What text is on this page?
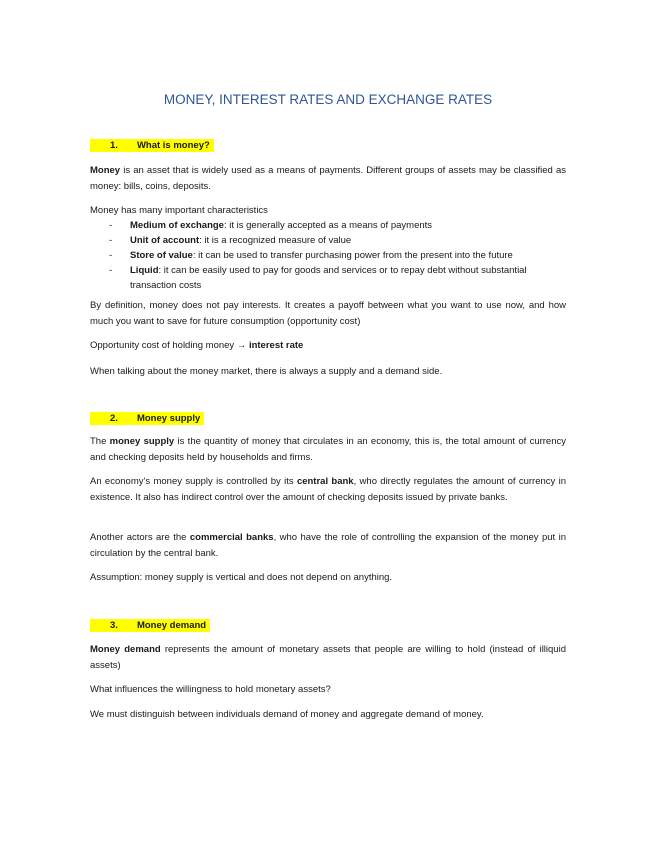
MONEY, INTEREST RATES AND EXCHANGE RATES
1. What is money?

Money is an asset that is widely used as a means of payments. Different groups of assets may be classified as money: bills, coins, deposits.

Money has many important characteristics

- Medium of exchange: it is generally accepted as a means of payments
- Unit of account: it is a recognized measure of value
- Store of value: it can be used to transfer purchasing power from the present into the future
- Liquid: it can be easily used to pay for goods and services or to repay debt without substantial transaction costs

By definition, money does not pay interests. It creates a payoff between what you want to use now, and how much you want to save for future consumption (opportunity cost)

Opportunity cost of holding money → interest rate

When talking about the money market, there is always a supply and a demand side.

2. Money supply

The money supply is the quantity of money that circulates in an economy, this is, the total amount of currency and checking deposits held by households and firms.

An economy’s money supply is controlled by its central bank, who directly regulates the amount of currency in existence. It also has indirect control over the amount of checking deposits issued by private banks.

Another actors are the commercial banks, who have the role of controlling the expansion of the money put in circulation by the central bank.

Assumption: money supply is vertical and does not depend on anything.

3. Money demand

Money demand represents the amount of monetary assets that people are willing to hold (instead of illiquid assets)

What influences the willingness to hold monetary assets?

We must distinguish between individuals demand of money and aggregate demand of money.
